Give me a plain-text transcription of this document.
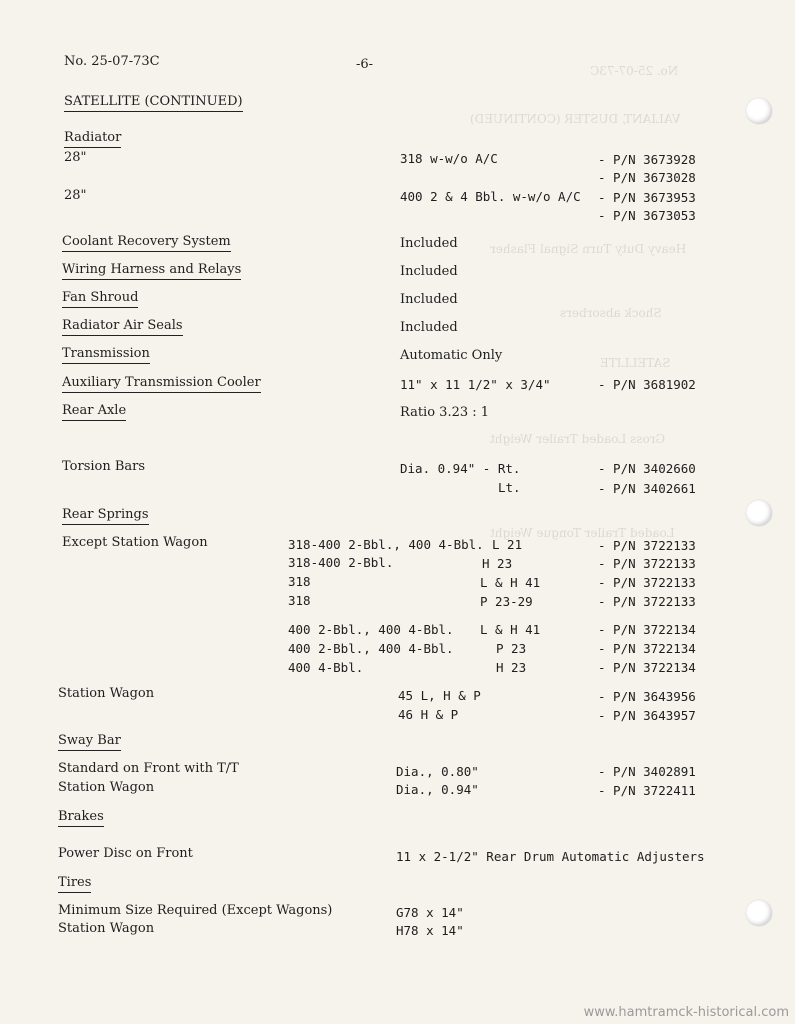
No. 25-07-73C
VALIANT, DUSTER (CONTINUED)
Heavy Duty Turn Signal Flasher
Shock absorbers
SATELLITE
Gross Loaded Trailer Weight
Loaded Trailer Tongue Weight
No. 25-07-73C	-6-
SATELLITE (CONTINUED)
Radiator
28"	318 w-w/o A/C	- P/N 3673928
- P/N 3673028
28"	400 2 & 4 Bbl. w-w/o A/C - P/N 3673953
- P/N 3673053
Coolant Recovery System	Included
Wiring Harness and Relays	Included
Fan Shroud	Included
Radiator Air Seals	Included
Transmission	Automatic Only
Auxiliary Transmission Cooler	11" x 11 1/2" x 3/4"	- P/N 3681902
Rear Axle	Ratio 3.23 : 1
Torsion Bars	Dia. 0.94" - Rt.	- P/N 3402660
Lt.	- P/N 3402661
Rear Springs
Except Station Wagon	318-400 2-Bbl., 400 4-Bbl. L 21	- P/N 3722133
318-400 2-Bbl.	H 23	- P/N 3722133
318	L & H 41	- P/N 3722133
318	P 23-29	- P/N 3722133
400 2-Bbl., 400 4-Bbl. L & H 41	- P/N 3722134
400 2-Bbl., 400 4-Bbl.	P 23	- P/N 3722134
400 4-Bbl.	H 23	- P/N 3722134
Station Wagon	45 L, H & P	- P/N 3643956
46 H & P	- P/N 3643957
Sway Bar
Standard on Front with T/T	Dia., 0.80"	- P/N 3402891
Station Wagon	Dia., 0.94"	- P/N 3722411
Brakes
Power Disc on Front	11 x 2-1/2" Rear Drum Automatic Adjusters
Tires
Minimum Size Required (Except Wagons)	G78 x 14"
Station Wagon	H78 x 14"
www.hamtramck-historical.com
